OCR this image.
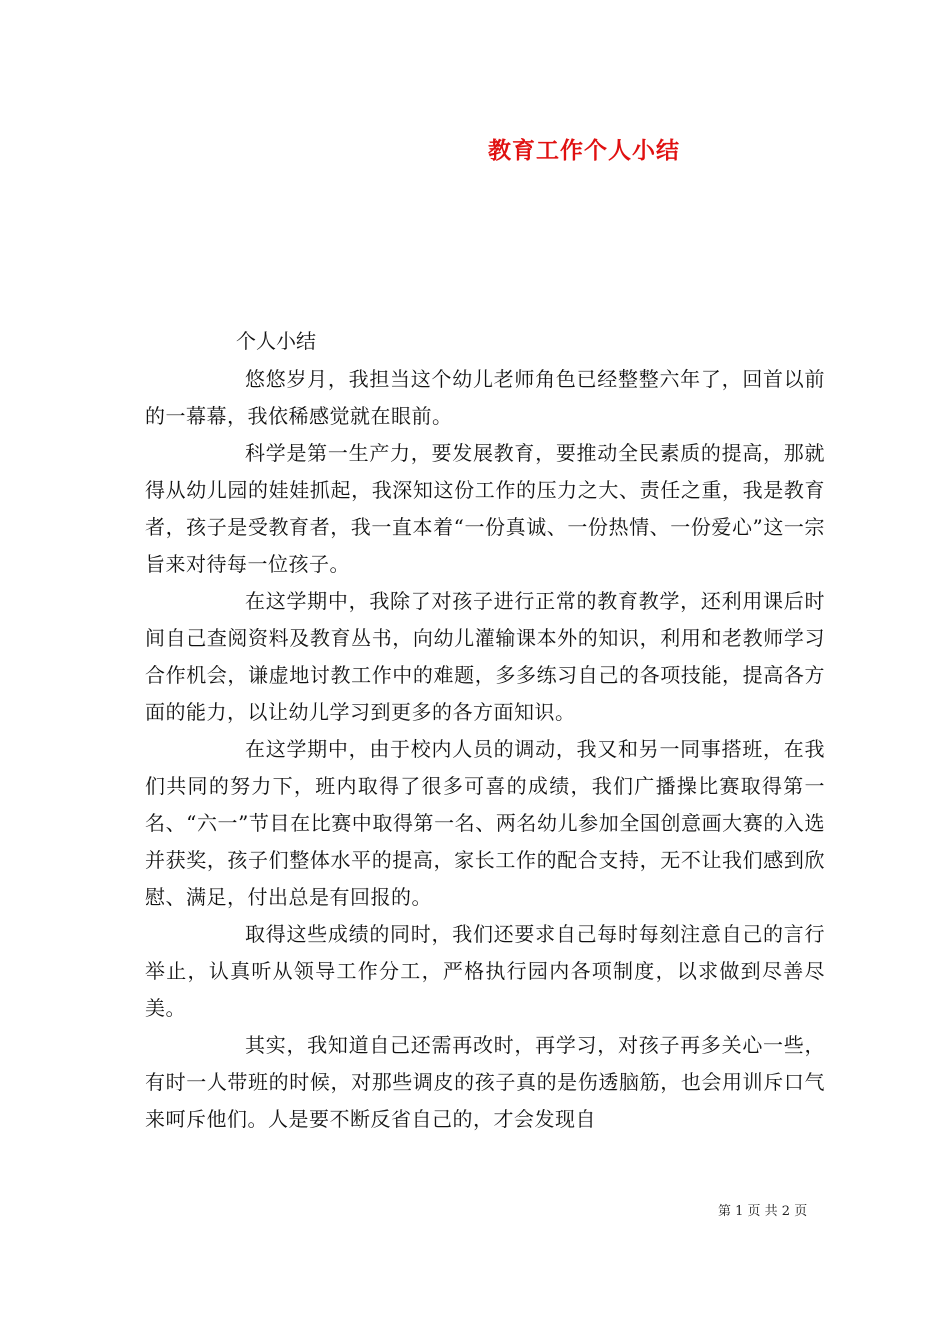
教育工作个人小结
个人小结

悠悠岁月，我担当这个幼儿老师角色已经整整六年了，回首以前的一幕幕，我依稀感觉就在眼前。

科学是第一生产力，要发展教育，要推动全民素质的提高，那就得从幼儿园的娃娃抓起，我深知这份工作的压力之大、责任之重，我是教育者，孩子是受教育者，我一直本着“一份真诚、一份热情、一份爱心”这一宗旨来对待每一位孩子。

在这学期中，我除了对孩子进行正常的教育教学，还利用课后时间自己查阅资料及教育丛书，向幼儿灌输课本外的知识，利用和老教师学习合作机会，谦虚地讨教工作中的难题，多多练习自己的各项技能，提高各方面的能力，以让幼儿学习到更多的各方面知识。

在这学期中，由于校内人员的调动，我又和另一同事搭班，在我们共同的努力下，班内取得了很多可喜的成绩，我们广播操比赛取得第一名、“六一”节目在比赛中取得第一名、两名幼儿参加全国创意画大赛的入选并获奖，孩子们整体水平的提高，家长工作的配合支持，无不让我们感到欣慰、满足，付出总是有回报的。

取得这些成绩的同时，我们还要求自己每时每刻注意自己的言行举止，认真听从领导工作分工，严格执行园内各项制度，以求做到尽善尽美。

其实，我知道自己还需再改时，再学习，对孩子再多关心一些，有时一人带班的时候，对那些调皮的孩子真的是伤透脑筋，也会用训斥口气来呵斥他们。人是要不断反省自己的，才会发现自

第 1 页 共 2 页
